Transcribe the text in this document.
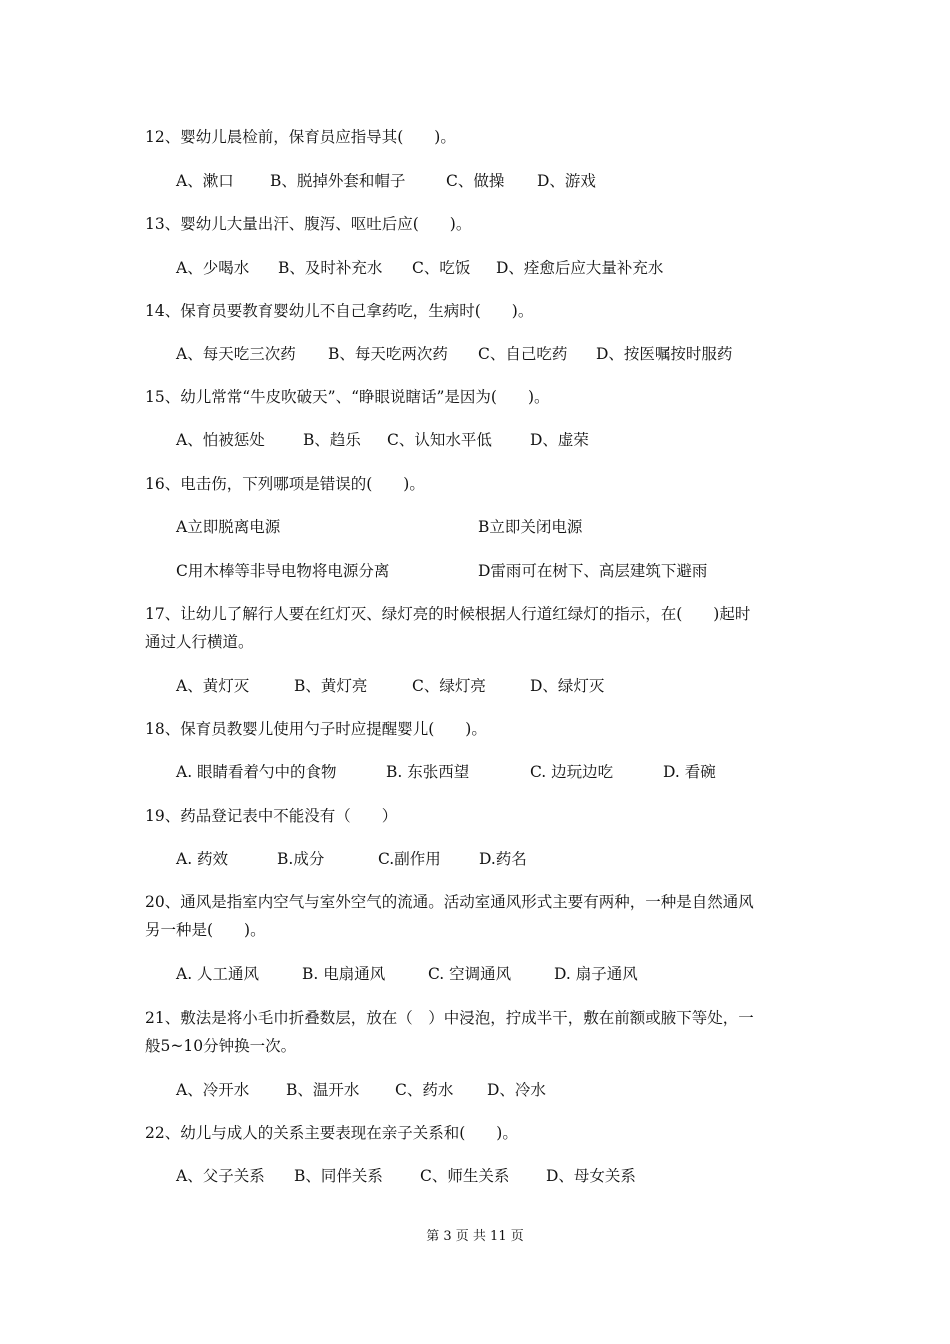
12、婴幼儿晨检前，保育员应指导其(　　)。
A、漱口 B、脱掉外套和帽子	C、做操 D、游戏
13、婴幼儿大量出汗、腹泻、呕吐后应(　　)。
A、少喝水 B、及时补充水 C、吃饭 D、痊愈后应大量补充水
14、保育员要教育婴幼儿不自己拿药吃，生病时(　　)。
A、每天吃三次药 B、每天吃两次药 C、自己吃药 D、按医嘱按时服药
15、幼儿常常“牛皮吹破天”、“睁眼说瞎话”是因为(　　)。
A、怕被惩处 B、趋乐 C、认知水平低 D、虚荣
16、电击伤，下列哪项是错误的(　　)。
A立即脱离电源	B立即关闭电源
C用木棒等非导电物将电源分离	D雷雨可在树下、高层建筑下避雨
17、让幼儿了解行人要在红灯灭、绿灯亮的时候根据人行道红绿灯的指示，在(　　)起时
通过人行横道。
A、黄灯灭	B、黄灯亮	C、绿灯亮	D、绿灯灭
18、保育员教婴儿使用勺子时应提醒婴儿(　　)。
A. 眼睛看着勺中的食物	B. 东张西望	C. 边玩边吃	D. 看碗
19、药品登记表中不能没有（　　）
A. 药效	B.成分	C.副作用 D.药名
20、通风是指室内空气与室外空气的流通。活动室通风形式主要有两种，一种是自然通风
另一种是(　　)。
A. 人工通风	B. 电扇通风	C. 空调通风	D. 扇子通风
21、敷法是将小毛巾折叠数层，放在（　）中浸泡，拧成半干，敷在前额或腋下等处，一
般5~10分钟换一次。
A、冷开水 B、温开水 C、药水 D、冷水
22、幼儿与成人的关系主要表现在亲子关系和(　　)。
A、父子关系 B、同伴关系 C、师生关系 D、母女关系
第 3 页 共 11 页
